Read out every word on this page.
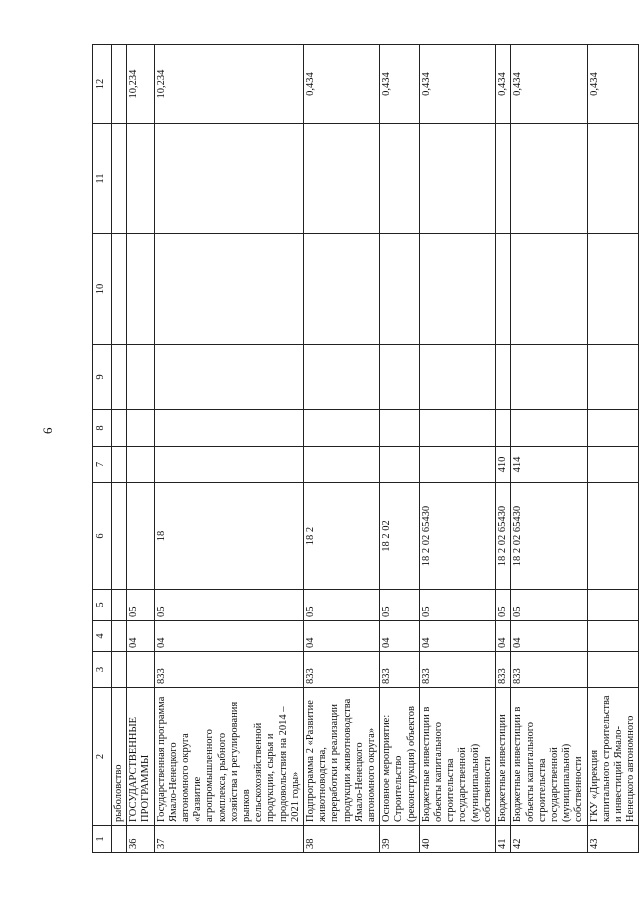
6
1	2	3	4	5	6	7	8	9	10	11	12
	рыболовство										
36	ГОСУДАРСТВЕННЫЕ ПРОГРАММЫ		04	05							10,234
37	Государственная программа Ямало-Ненецкого автономного округа «Развитие агропромышленного комплекса, рыбного хозяйства и регулирования рынков сельскохозяйственной продукции, сырья и продовольствия на 2014 – 2021 годы»	833	04	05	18						10,234
38	Подпрограмма 2 «Развитие животноводства, переработки и реализации продукции животноводства Ямало-Ненецкого автономного округа»	833	04	05	18 2						0,434
39	Основное мероприятие: Строительство (реконструкция) объектов	833	04	05	18 2 02						0,434
40	Бюджетные инвестиции в объекты капитального строительства государственной (муниципальной) собственности	833	04	05	18 2 02 65430						0,434
41	Бюджетные инвестиции	833	04	05	18 2 02 65430	410					0,434
42	Бюджетные инвестиции в объекты капитального строительства государственной (муниципальной) собственности	833	04	05	18 2 02 65430	414					0,434
43	ГКУ «Дирекция капитального строительства и инвестиций Ямало-Ненецкого автономного										0,434
